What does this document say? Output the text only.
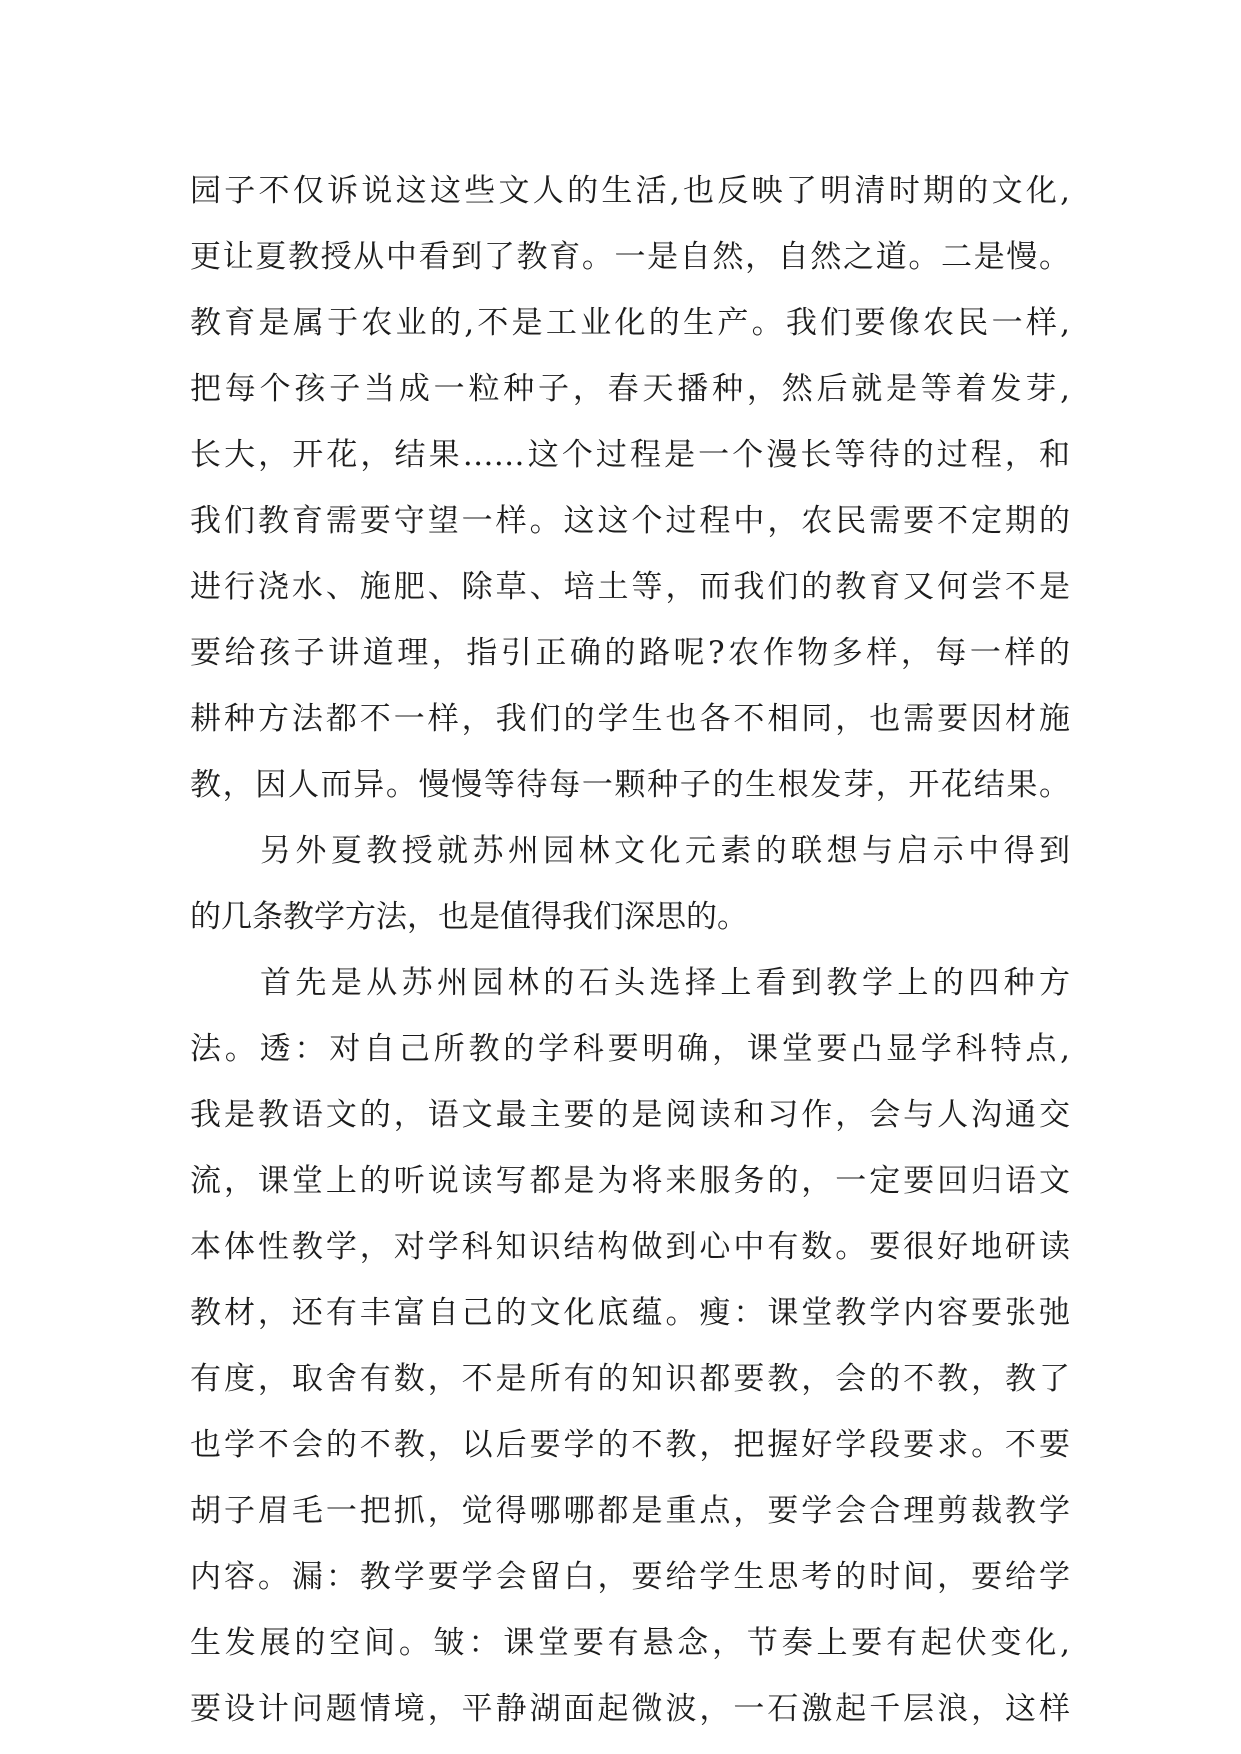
园子不仅诉说这这些文人的生活,也反映了明清时期的文化,
更让夏教授从中看到了教育。一是自然，自然之道。二是慢。
教育是属于农业的,不是工业化的生产。我们要像农民一样,
把每个孩子当成一粒种子，春天播种，然后就是等着发芽,
长大，开花，结果……这个过程是一个漫长等待的过程，和
我们教育需要守望一样。这这个过程中，农民需要不定期的
进行浇水、施肥、除草、培土等，而我们的教育又何尝不是
要给孩子讲道理，指引正确的路呢?农作物多样，每一样的
耕种方法都不一样，我们的学生也各不相同，也需要因材施
教，因人而异。慢慢等待每一颗种子的生根发芽，开花结果。
另外夏教授就苏州园林文化元素的联想与启示中得到
的几条教学方法，也是值得我们深思的。
首先是从苏州园林的石头选择上看到教学上的四种方
法。透：对自己所教的学科要明确，课堂要凸显学科特点,
我是教语文的，语文最主要的是阅读和习作，会与人沟通交
流，课堂上的听说读写都是为将来服务的，一定要回归语文
本体性教学，对学科知识结构做到心中有数。要很好地研读
教材，还有丰富自己的文化底蕴。瘦：课堂教学内容要张弛
有度，取舍有数，不是所有的知识都要教，会的不教，教了
也学不会的不教，以后要学的不教，把握好学段要求。不要
胡子眉毛一把抓，觉得哪哪都是重点，要学会合理剪裁教学
内容。漏：教学要学会留白，要给学生思考的时间，要给学
生发展的空间。皱：课堂要有悬念，节奏上要有起伏变化,
要设计问题情境，平静湖面起微波，一石激起千层浪，这样
